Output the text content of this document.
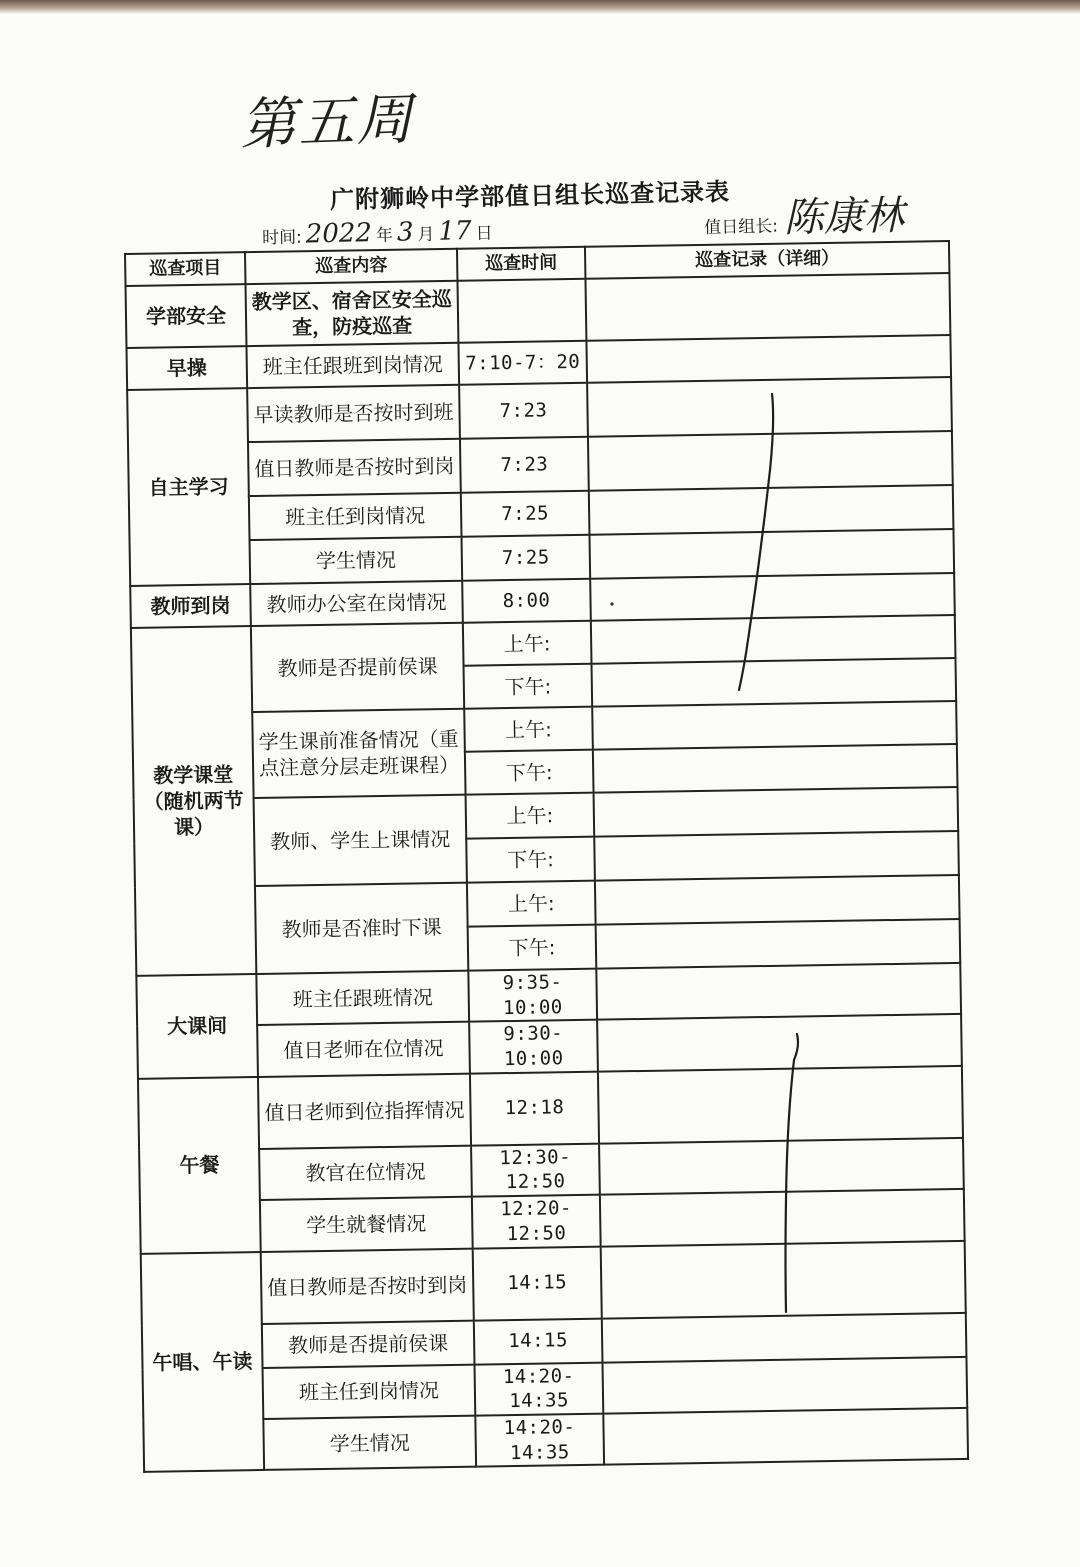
第五周
广附狮岭中学部值日组长巡查记录表
时间: 2022 年 3 月 17 日	值日组长: 陈康林
巡查项目	巡查内容	巡查时间	巡查记录（详细）
学部安全	教学区、宿舍区安全巡查，防疫巡查		
早操	班主任跟班到岗情况	7:10-7：20	
自主学习	早读教师是否按时到班	7:23	
	值日教师是否按时到岗	7:23	
	班主任到岗情况	7:25	
	学生情况	7:25	
教师到岗	教师办公室在岗情况	8:00	
教学课堂（随机两节课）	教师是否提前侯课	上午:	
		下午:	
	学生课前准备情况（重点注意分层走班课程）	上午:	
		下午:	
	教师、学生上课情况	上午:	
		下午:	
	教师是否准时下课	上午:	
		下午:	
大课间	班主任跟班情况	9:35-10:00	
	值日老师在位情况	9:30-10:00	
午餐	值日老师到位指挥情况	12:18	
	教官在位情况	12:30-12:50	
	学生就餐情况	12:20-12:50	
午唱、午读	值日教师是否按时到岗	14:15	
	教师是否提前侯课	14:15	
	班主任到岗情况	14:20-14:35	
	学生情况	14:20-14:35	
